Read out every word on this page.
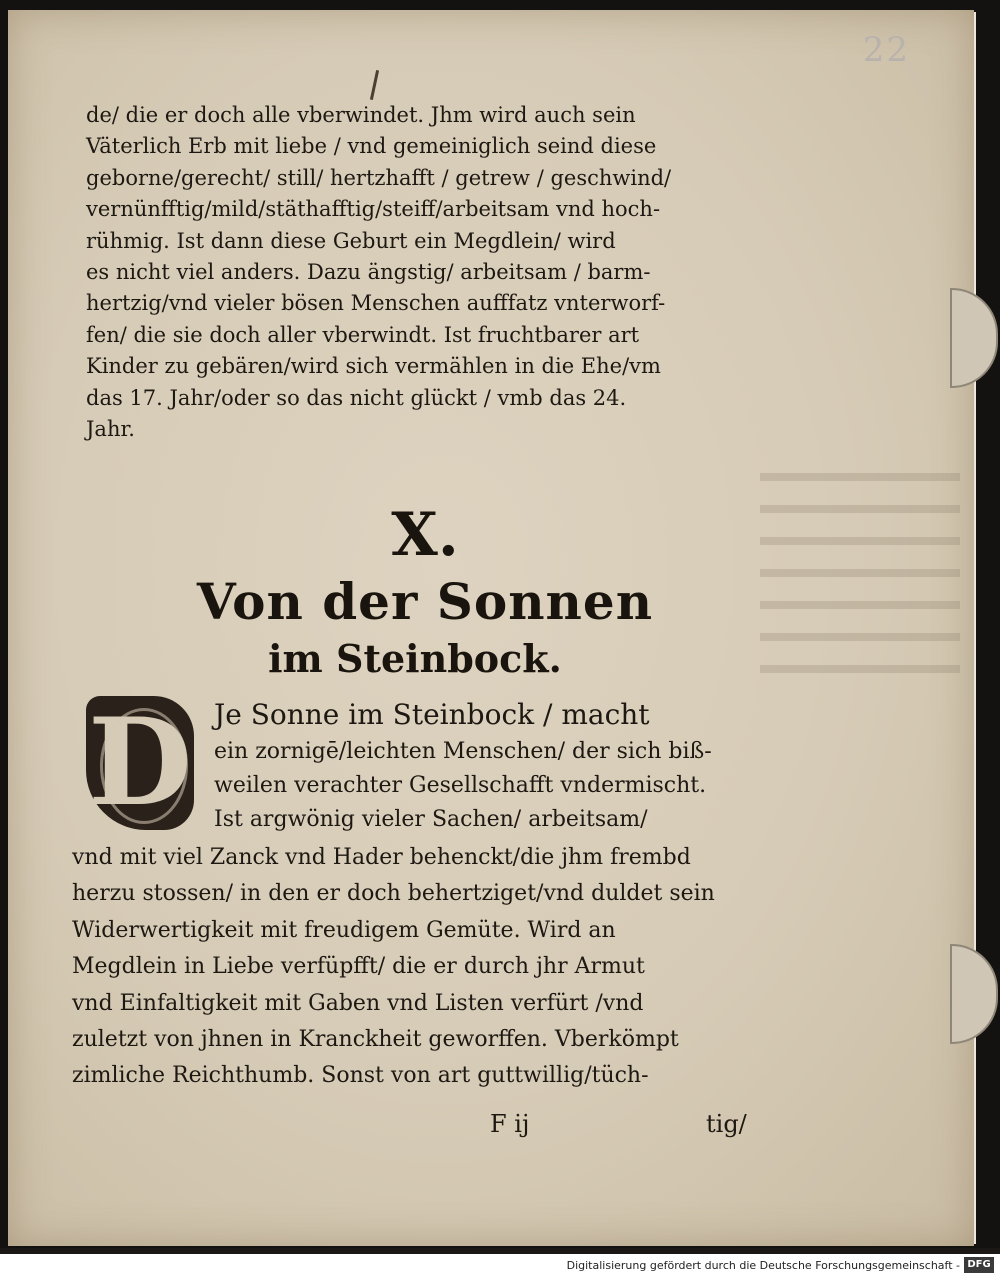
22
de/ die er doch alle vberwindet. Jhm wird auch sein
Väterlich Erb mit liebe / vnd gemeiniglich seind diese
geborne/gerecht/ still/ hertzhafft / getrew / geschwind/
vernünfftig/mild/stäthafftig/steiff/arbeitsam vnd hoch-
rühmig. Ist dann diese Geburt ein Megdlein/ wird
es nicht viel anders. Dazu ängstig/ arbeitsam / barm-
hertzig/vnd vieler bösen Menschen aufffatz vnterworf-
fen/ die sie doch aller vberwindt. Ist fruchtbarer art
Kinder zu gebären/wird sich vermählen in die Ehe/vm
das 17. Jahr/oder so das nicht glückt / vmb das 24.
Jahr.
X.
Von der Sonnen
im Steinbock.
D Je Sonne im Steinbock / macht
ein zornigē/leichten Menschen/ der sich biß-
weilen verachter Gesellschafft vndermischt.
Ist argwönig vieler Sachen/ arbeitsam/
vnd mit viel Zanck vnd Hader behenckt/die jhm frembd
herzu stossen/ in den er doch behertziget/vnd duldet sein
Widerwertigkeit mit freudigem Gemüte. Wird an
Megdlein in Liebe verfüpfft/ die er durch jhr Armut
vnd Einfaltigkeit mit Gaben vnd Listen verfürt /vnd
zuletzt von jhnen in Kranckheit geworffen. Vberkömpt
zimliche Reichthumb. Sonst von art guttwillig/tüch-
F ij	tig/
Digitalisierung gefördert durch die Deutsche Forschungsgemeinschaft - DFG
